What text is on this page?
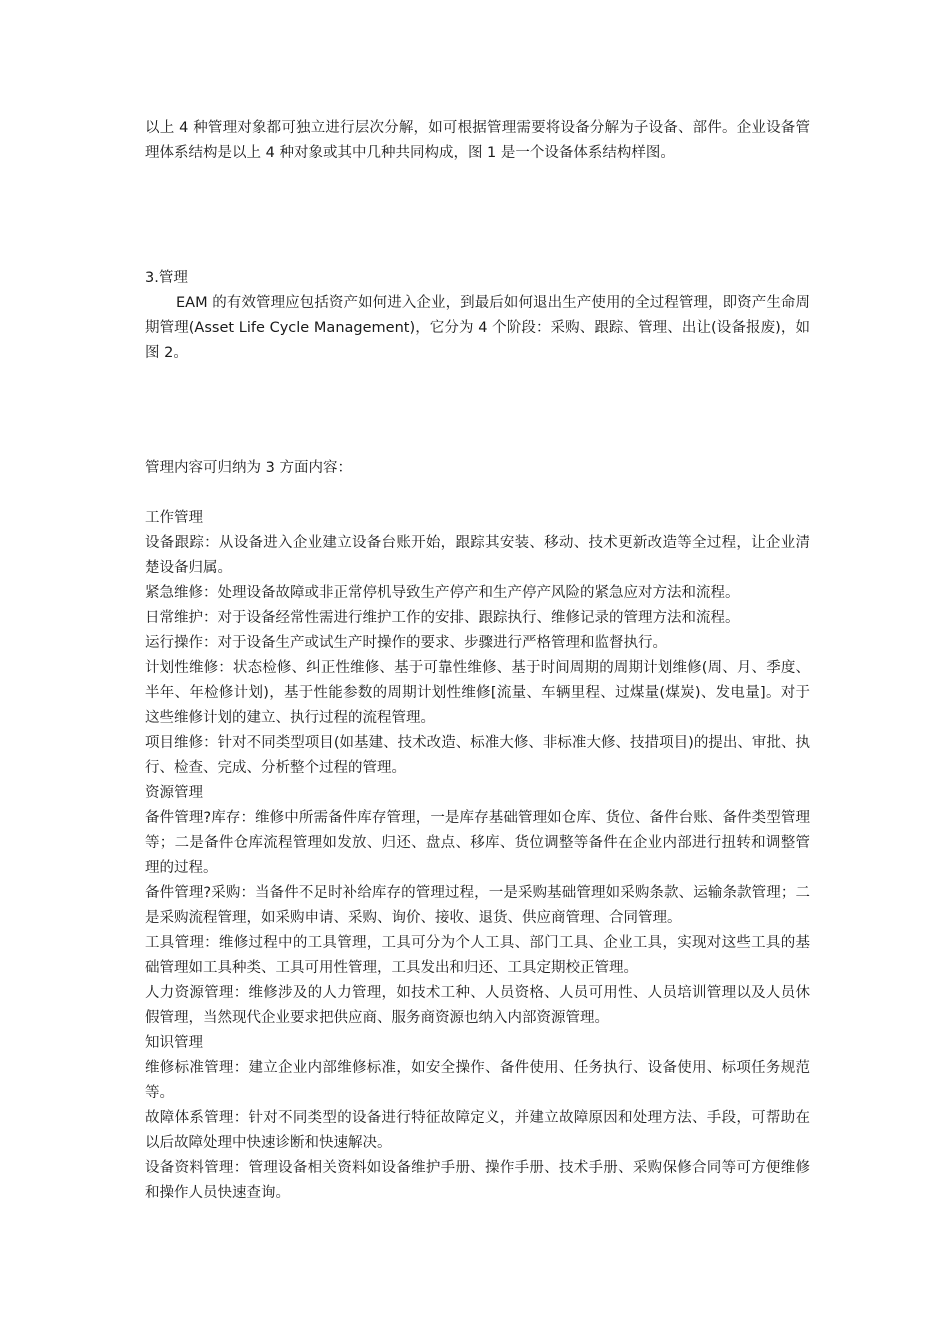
以上 4 种管理对象都可独立进行层次分解，如可根据管理需要将设备分解为子设备、部件。企业设备管理体系结构是以上 4 种对象或其中几种共同构成，图 1 是一个设备体系结构样图。

3.管理

EAM 的有效管理应包括资产如何进入企业，到最后如何退出生产使用的全过程管理，即资产生命周期管理(Asset Life Cycle Management)，它分为 4 个阶段：采购、跟踪、管理、出让(设备报废)，如图 2。

管理内容可归纳为 3 方面内容：

工作管理

设备跟踪：从设备进入企业建立设备台账开始，跟踪其安装、移动、技术更新改造等全过程，让企业清楚设备归属。

紧急维修：处理设备故障或非正常停机导致生产停产和生产停产风险的紧急应对方法和流程。

日常维护：对于设备经常性需进行维护工作的安排、跟踪执行、维修记录的管理方法和流程。

运行操作：对于设备生产或试生产时操作的要求、步骤进行严格管理和监督执行。

计划性维修：状态检修、纠正性维修、基于可靠性维修、基于时间周期的周期计划维修(周、月、季度、半年、年检修计划)，基于性能参数的周期计划性维修[流量、车辆里程、过煤量(煤炭)、发电量]。对于这些维修计划的建立、执行过程的流程管理。

项目维修：针对不同类型项目(如基建、技术改造、标准大修、非标准大修、技措项目)的提出、审批、执行、检查、完成、分析整个过程的管理。

资源管理

备件管理?库存：维修中所需备件库存管理，一是库存基础管理如仓库、货位、备件台账、备件类型管理等；二是备件仓库流程管理如发放、归还、盘点、移库、货位调整等备件在企业内部进行扭转和调整管理的过程。

备件管理?采购：当备件不足时补给库存的管理过程，一是采购基础管理如采购条款、运输条款管理；二是采购流程管理，如采购申请、采购、询价、接收、退货、供应商管理、合同管理。

工具管理：维修过程中的工具管理，工具可分为个人工具、部门工具、企业工具，实现对这些工具的基础管理如工具种类、工具可用性管理，工具发出和归还、工具定期校正管理。

人力资源管理：维修涉及的人力管理，如技术工种、人员资格、人员可用性、人员培训管理以及人员休假管理，当然现代企业要求把供应商、服务商资源也纳入内部资源管理。

知识管理

维修标准管理：建立企业内部维修标准，如安全操作、备件使用、任务执行、设备使用、标项任务规范等。

故障体系管理：针对不同类型的设备进行特征故障定义，并建立故障原因和处理方法、手段，可帮助在以后故障处理中快速诊断和快速解决。

设备资料管理：管理设备相关资料如设备维护手册、操作手册、技术手册、采购保修合同等可方便维修和操作人员快速查询。
